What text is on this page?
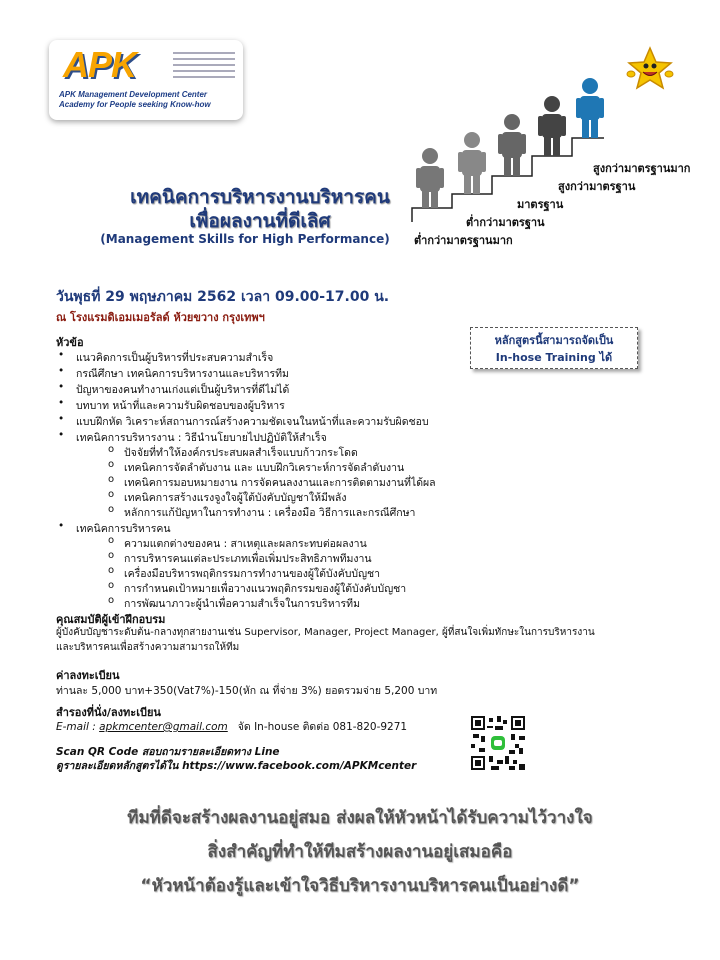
APK
APK Management Development Center
Academy for People seeking Know-how
สูงกว่ามาตรฐานมาก
สูงกว่ามาตรฐาน
มาตรฐาน
ต่ำกว่ามาตรฐาน
ต่ำกว่ามาตรฐานมาก
เทคนิคการบริหารงานบริหารคน
เพื่อผลงานที่ดีเลิศ
(Management Skills for High Performance)
วันพุธที่ 29 พฤษภาคม 2562 เวลา 09.00-17.00 น.
ณ โรงแรมดิเอมเมอรัลด์ ห้วยขวาง กรุงเทพฯ
หลักสูตรนี้สามารถจัดเป็น
In-hose Training ได้
หัวข้อ
แนวคิดการเป็นผู้บริหารที่ประสบความสำเร็จ
กรณีศึกษา เทคนิคการบริหารงานและบริหารทีม
ปัญหาของคนทำงานเก่งแต่เป็นผู้บริหารที่ดีไม่ได้
บทบาท หน้าที่และความรับผิดชอบของผู้บริหาร
แบบฝึกหัด วิเคราะห์สถานการณ์สร้างความชัดเจนในหน้าที่และความรับผิดชอบ
เทคนิคการบริหารงาน : วิธีนำนโยบายไปปฏิบัติให้สำเร็จ
ปัจจัยที่ทำให้องค์กรประสบผลสำเร็จแบบก้าวกระโดด
เทคนิคการจัดลำดับงาน และ แบบฝึกวิเคราะห์การจัดลำดับงาน
เทคนิคการมอบหมายงาน การจัดคนลงงานและการติดตามงานที่ได้ผล
เทคนิคการสร้างแรงจูงใจผู้ใต้บังคับบัญชาให้มีพลัง
หลักการแก้ปัญหาในการทำงาน : เครื่องมือ วิธีการและกรณีศึกษา
เทคนิคการบริหารคน
ความแตกต่างของคน : สาเหตุและผลกระทบต่อผลงาน
การบริหารคนแต่ละประเภทเพื่อเพิ่มประสิทธิภาพทีมงาน
เครื่องมือบริหารพฤติกรรมการทำงานของผู้ใต้บังคับบัญชา
การกำหนดเป้าหมายเพื่อวางแนวพฤติกรรมของผู้ใต้บังคับบัญชา
การพัฒนาภาวะผู้นำเพื่อความสำเร็จในการบริหารทีม
คุณสมบัติผู้เข้าฝึกอบรม
ผู้บังคับบัญชาระดับต้น-กลางทุกสายงานเช่น Supervisor, Manager, Project Manager, ผู้ที่สนใจเพิ่มทักษะในการบริหารงาน
และบริหารคนเพื่อสร้างความสามารถให้ทีม
ค่าลงทะเบียน
ท่านละ 5,000 บาท+350(Vat7%)-150(หัก ณ ที่จ่าย 3%) ยอดรวมจ่าย 5,200 บาท
สำรองที่นั่ง/ลงทะเบียน
E-mail : apkmcenter@gmail.com จัด In-house ติดต่อ 081-820-9271
Scan QR Code สอบถามรายละเอียดทาง Line
ดูรายละเอียดหลักสูตรได้ใน https://www.facebook.com/APKMcenter
ทีมที่ดีจะสร้างผลงานอยู่สมอ ส่งผลให้หัวหน้าได้รับความไว้วางใจ
สิ่งสำคัญที่ทำให้ทีมสร้างผลงานอยู่เสมอคือ
“หัวหน้าต้องรู้และเข้าใจวิธีบริหารงานบริหารคนเป็นอย่างดี”
